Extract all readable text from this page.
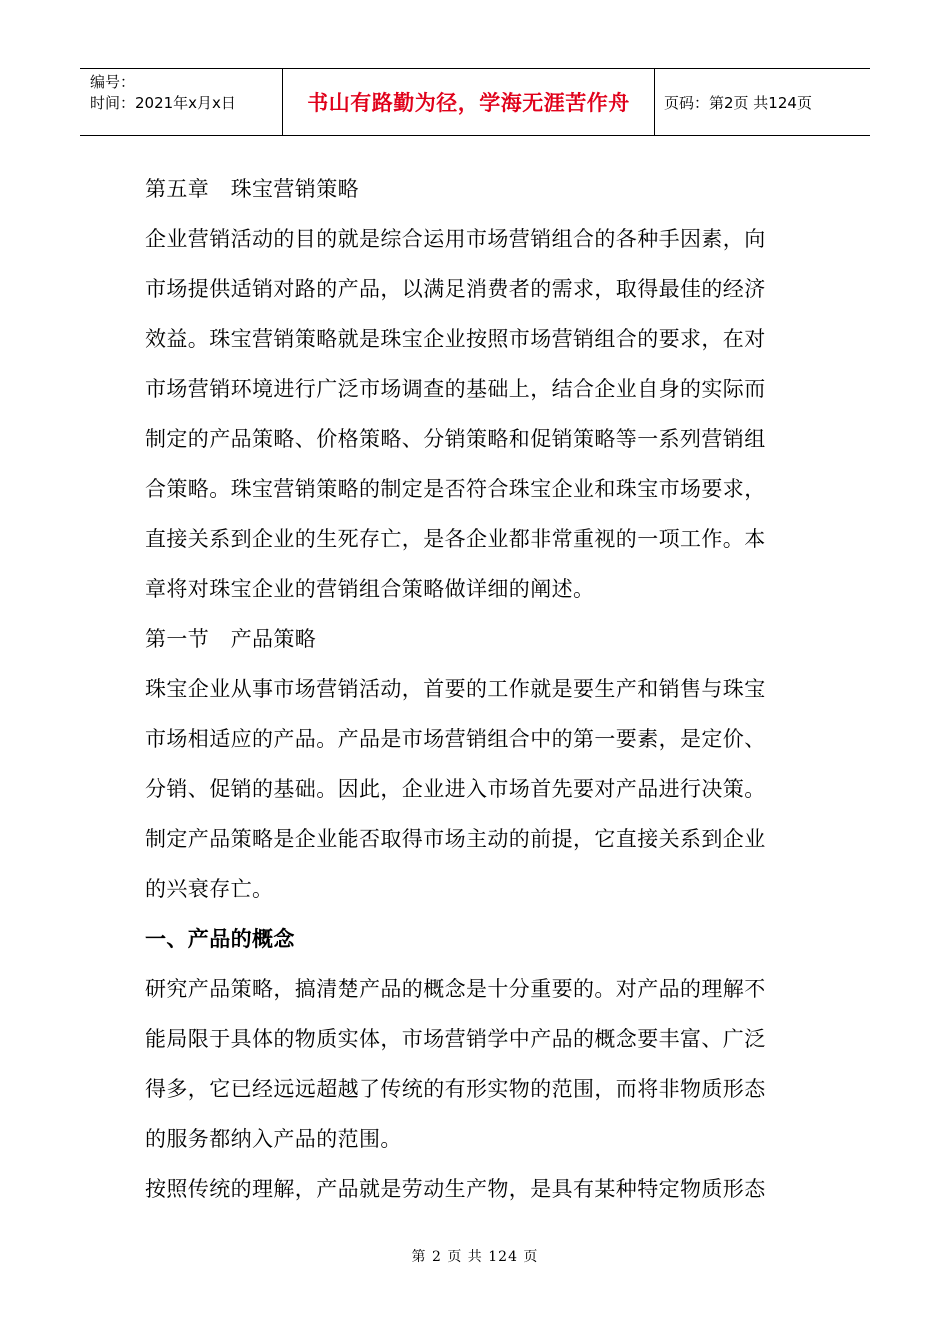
编号：
时间：2021年x月x日	书山有路勤为径，学海无涯苦作舟	页码：第2页 共124页
第五章　珠宝营销策略
企业营销活动的目的就是综合运用市场营销组合的各种手因素，向
市场提供适销对路的产品，以满足消费者的需求，取得最佳的经济
效益。珠宝营销策略就是珠宝企业按照市场营销组合的要求，在对
市场营销环境进行广泛市场调查的基础上，结合企业自身的实际而
制定的产品策略、价格策略、分销策略和促销策略等一系列营销组
合策略。珠宝营销策略的制定是否符合珠宝企业和珠宝市场要求，
直接关系到企业的生死存亡，是各企业都非常重视的一项工作。本
章将对珠宝企业的营销组合策略做详细的阐述。
第一节　产品策略
珠宝企业从事市场营销活动，首要的工作就是要生产和销售与珠宝
市场相适应的产品。产品是市场营销组合中的第一要素，是定价、
分销、促销的基础。因此，企业进入市场首先要对产品进行决策。
制定产品策略是企业能否取得市场主动的前提，它直接关系到企业
的兴衰存亡。
一、产品的概念
研究产品策略，搞清楚产品的概念是十分重要的。对产品的理解不
能局限于具体的物质实体，市场营销学中产品的概念要丰富、广泛
得多，它已经远远超越了传统的有形实物的范围，而将非物质形态
的服务都纳入产品的范围。
按照传统的理解，产品就是劳动生产物，是具有某种特定物质形态
第 2 页 共 124 页
